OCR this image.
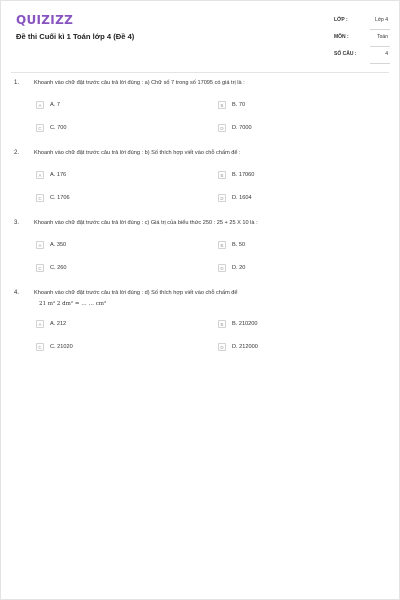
QUIZIZZ
Đề thi Cuối kì 1 Toán lớp 4 (Đề 4)
LỚP :	Lớp 4
MÔN :	Toán
SỐ CÂU :	4
1.	Khoanh vào chữ đặt trước câu trả lời đúng : a) Chữ số 7 trong số 17095 có giá trị là :
A	A. 7	B	B. 70
C	C. 700	D	D. 7000
2.	Khoanh vào chữ đặt trước câu trả lời đúng : b) Số thích hợp viết vào chỗ chấm để :
A	A. 176	B	B. 17060
C	C. 1706	D	D. 1604
3.	Khoanh vào chữ đặt trước câu trả lời đúng : c) Giá trị của biểu thức 250 : 25 + 25 X 10 là :
A	A. 350	B	B. 50
C	C. 260	D	D. 20
4.	Khoanh vào chữ đặt trước câu trả lời đúng : d) Số thích hợp viết vào chỗ chấm để
21 m² 2 dm² = … … cm²
A	A. 212	B	B. 210200
C	C. 21020	D	D. 212000
